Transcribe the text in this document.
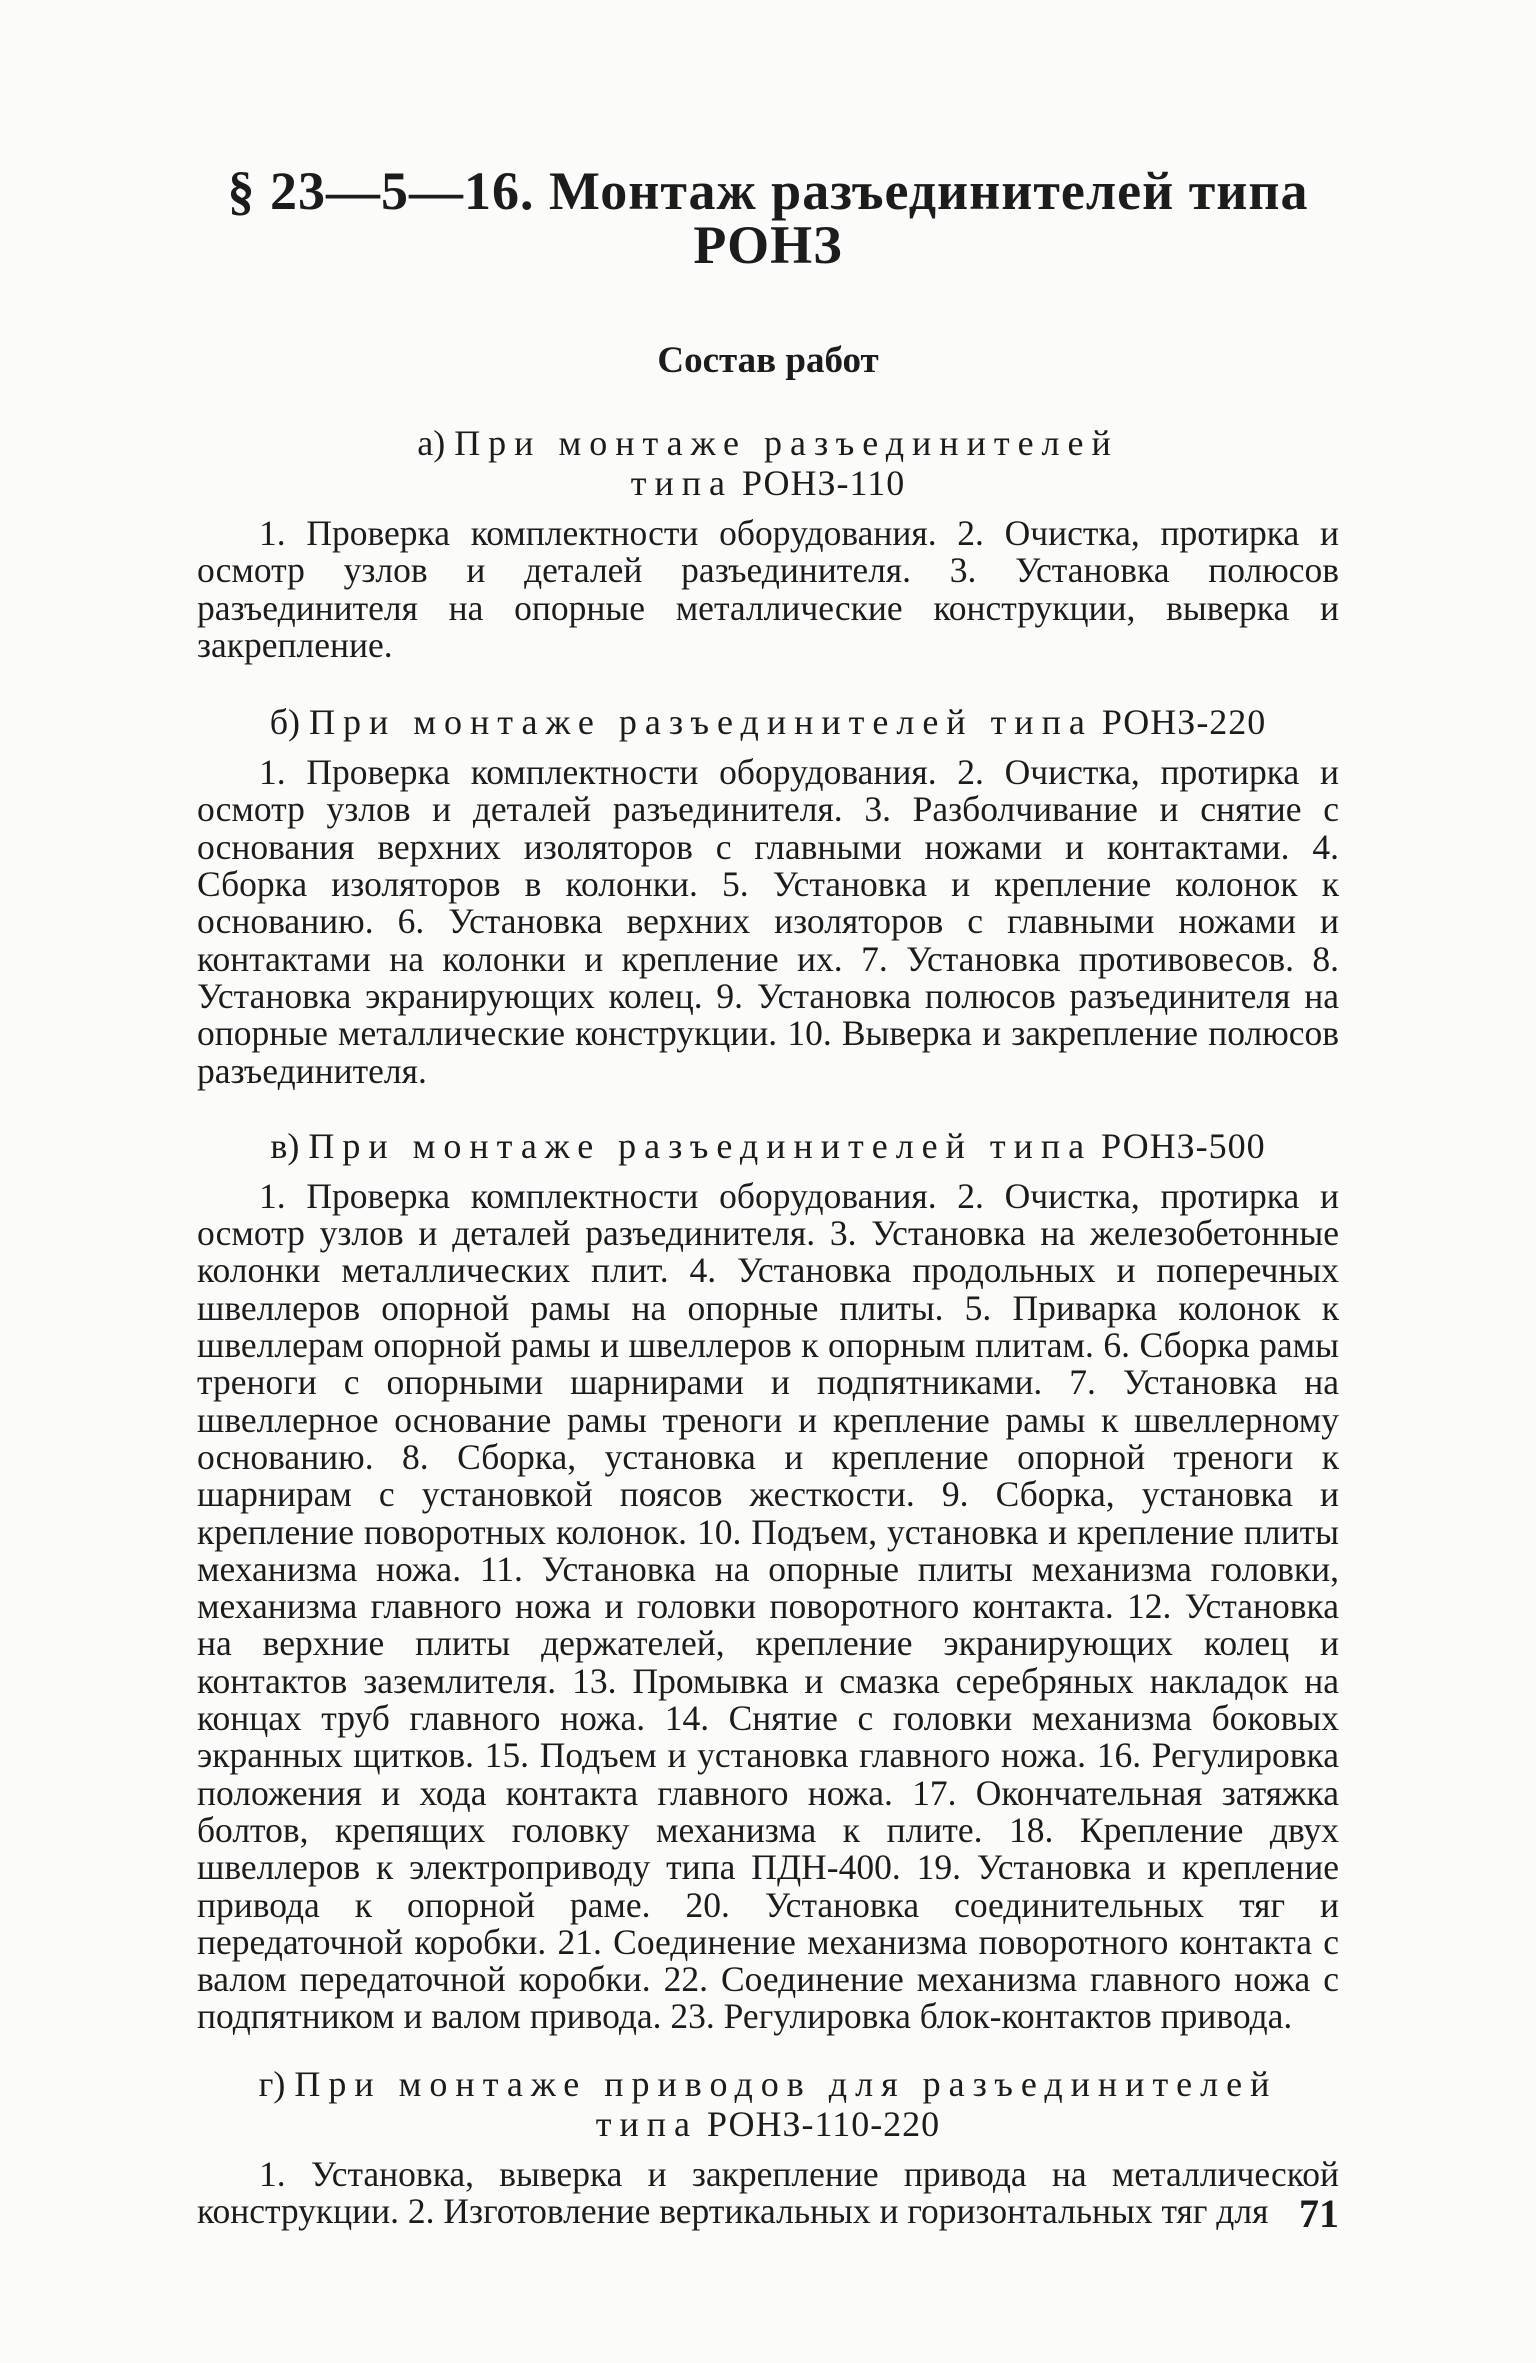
§ 23—5—16. Монтаж разъединителей типа РОНЗ
Состав работ
а) При монтаже разъединителей
типа РОНЗ-110

1. Проверка комплектности оборудования. 2. Очистка, протирка и осмотр узлов и деталей разъединителя. 3. Установка полюсов разъединителя на опорные металлические конструкции, выверка и закрепление.

б) При монтаже разъединителей типа РОНЗ-220

1. Проверка комплектности оборудования. 2. Очистка, протирка и осмотр узлов и деталей разъединителя. 3. Разболчивание и снятие с основания верхних изоляторов с главными ножами и контактами. 4. Сборка изоляторов в колонки. 5. Установка и крепление колонок к основанию. 6. Установка верхних изоляторов с главными ножами и контактами на колонки и крепление их. 7. Установка противовесов. 8. Установка экранирующих колец. 9. Установка полюсов разъединителя на опорные металлические конструкции. 10. Выверка и закрепление полюсов разъединителя.

в) При монтаже разъединителей типа РОНЗ-500

1. Проверка комплектности оборудования. 2. Очистка, протирка и осмотр узлов и деталей разъединителя. 3. Установка на железобетонные колонки металлических плит. 4. Установка продольных и поперечных швеллеров опорной рамы на опорные плиты. 5. Приварка колонок к швеллерам опорной рамы и швеллеров к опорным плитам. 6. Сборка рамы треноги с опорными шарнирами и подпятниками. 7. Установка на швеллерное основание рамы треноги и крепление рамы к швеллерному основанию. 8. Сборка, установка и крепление опорной треноги к шарнирам с установкой поясов жесткости. 9. Сборка, установка и крепление поворотных колонок. 10. Подъем, установка и крепление плиты механизма ножа. 11. Установка на опорные плиты механизма головки, механизма главного ножа и головки поворотного контакта. 12. Установка на верхние плиты держателей, крепление экранирующих колец и контактов заземлителя. 13. Промывка и смазка серебряных накладок на концах труб главного ножа. 14. Снятие с головки механизма боковых экранных щитков. 15. Подъем и установка главного ножа. 16. Регулировка положения и хода контакта главного ножа. 17. Окончательная затяжка болтов, крепящих головку механизма к плите. 18. Крепление двух швеллеров к электроприводу типа ПДН-400. 19. Установка и крепление привода к опорной раме. 20. Установка соединительных тяг и передаточной коробки. 21. Соединение механизма поворотного контакта с валом передаточной коробки. 22. Соединение механизма главного ножа с подпятником и валом привода. 23. Регулировка блок-контактов привода.

г) При монтаже приводов для разъединителей
типа РОНЗ-110-220

1. Установка, выверка и закрепление привода на металлической конструкции. 2. Изготовление вертикальных и горизонтальных тяг для 71
